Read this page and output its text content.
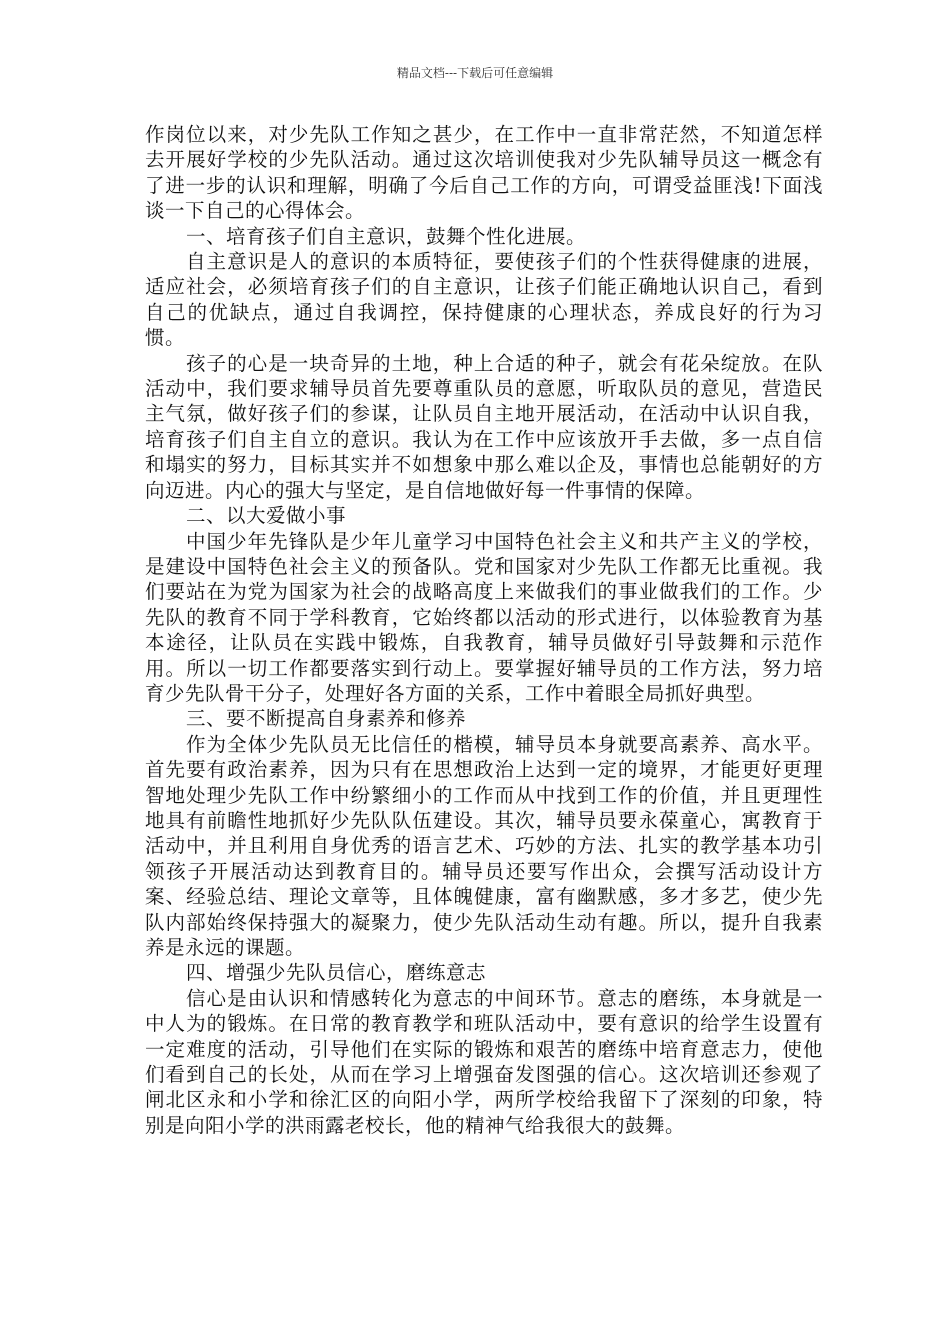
精品文档---下载后可任意编辑

作岗位以来，对少先队工作知之甚少，在工作中一直非常茫然，不知道怎样去开展好学校的少先队活动。通过这次培训使我对少先队辅导员这一概念有了进一步的认识和理解，明确了今后自己工作的方向，可谓受益匪浅!下面浅谈一下自己的心得体会。

一、培育孩子们自主意识，鼓舞个性化进展。

自主意识是人的意识的本质特征，要使孩子们的个性获得健康的进展，适应社会，必须培育孩子们的自主意识，让孩子们能正确地认识自己，看到自己的优缺点，通过自我调控，保持健康的心理状态，养成良好的行为习惯。

孩子的心是一块奇异的土地，种上合适的种子，就会有花朵绽放。在队活动中，我们要求辅导员首先要尊重队员的意愿，听取队员的意见，营造民主气氛，做好孩子们的参谋，让队员自主地开展活动，在活动中认识自我，培育孩子们自主自立的意识。我认为在工作中应该放开手去做，多一点自信和塌实的努力，目标其实并不如想象中那么难以企及，事情也总能朝好的方向迈进。内心的强大与坚定，是自信地做好每一件事情的保障。

二、以大爱做小事

中国少年先锋队是少年儿童学习中国特色社会主义和共产主义的学校，是建设中国特色社会主义的预备队。党和国家对少先队工作都无比重视。我们要站在为党为国家为社会的战略高度上来做我们的事业做我们的工作。少先队的教育不同于学科教育，它始终都以活动的形式进行，以体验教育为基本途径，让队员在实践中锻炼，自我教育，辅导员做好引导鼓舞和示范作用。所以一切工作都要落实到行动上。要掌握好辅导员的工作方法，努力培育少先队骨干分子，处理好各方面的关系，工作中着眼全局抓好典型。

三、要不断提高自身素养和修养

作为全体少先队员无比信任的楷模，辅导员本身就要高素养、高水平。首先要有政治素养，因为只有在思想政治上达到一定的境界，才能更好更理智地处理少先队工作中纷繁细小的工作而从中找到工作的价值，并且更理性地具有前瞻性地抓好少先队队伍建设。其次，辅导员要永葆童心，寓教育于活动中，并且利用自身优秀的语言艺术、巧妙的方法、扎实的教学基本功引领孩子开展活动达到教育目的。辅导员还要写作出众，会撰写活动设计方案、经验总结、理论文章等，且体魄健康，富有幽默感，多才多艺，使少先队内部始终保持强大的凝聚力，使少先队活动生动有趣。所以，提升自我素养是永远的课题。

四、增强少先队员信心，磨练意志

信心是由认识和情感转化为意志的中间环节。意志的磨练，本身就是一中人为的锻炼。在日常的教育教学和班队活动中，要有意识的给学生设置有一定难度的活动，引导他们在实际的锻炼和艰苦的磨练中培育意志力，使他们看到自己的长处，从而在学习上增强奋发图强的信心。这次培训还参观了闸北区永和小学和徐汇区的向阳小学，两所学校给我留下了深刻的印象，特别是向阳小学的洪雨露老校长，他的精神气给我很大的鼓舞。
